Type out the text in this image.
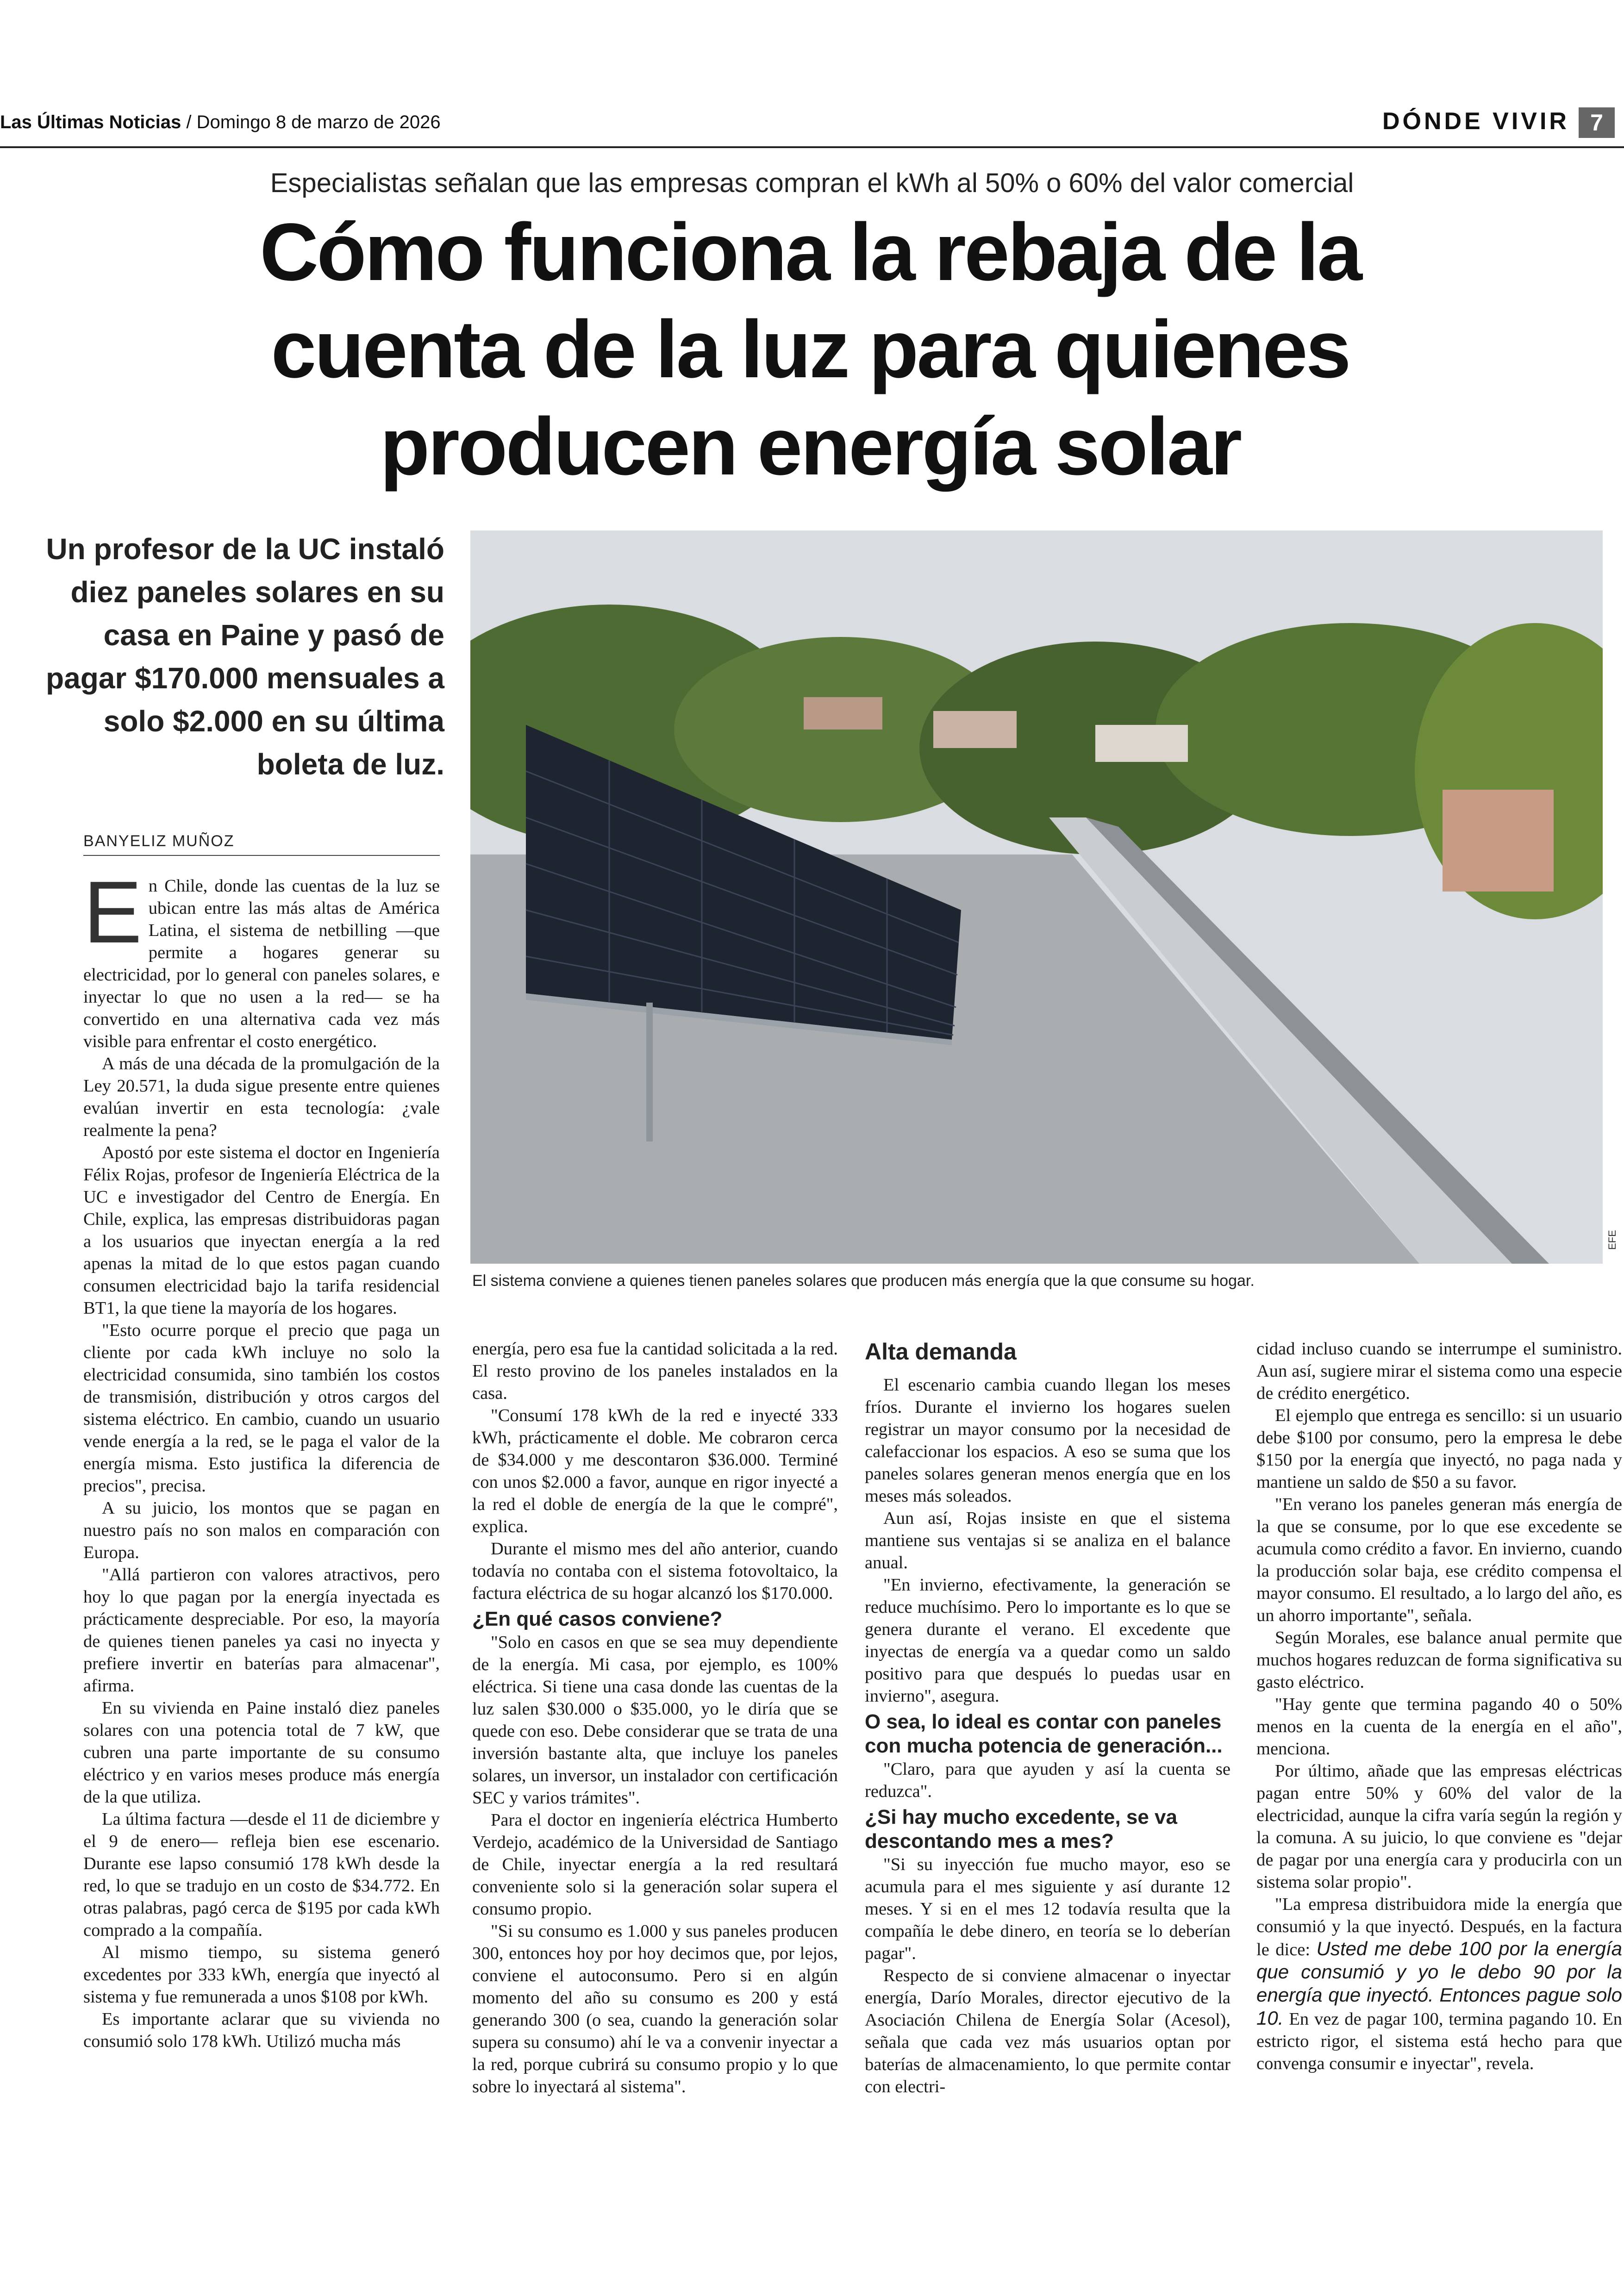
Las Últimas Noticias / Domingo 8 de marzo de 2026	DÓNDE VIVIR 7
Especialistas señalan que las empresas compran el kWh al 50% o 60% del valor comercial
Cómo funciona la rebaja de la cuenta de la luz para quienes producen energía solar
Un profesor de la UC instaló diez paneles solares en su casa en Paine y pasó de pagar $170.000 mensuales a solo $2.000 en su última boleta de luz.
BANYELIZ MUÑOZ
El sistema conviene a quienes tienen paneles solares que producen más energía que la que consume su hogar.
EFE

En Chile, donde las cuentas de la luz se ubican entre las más altas de América Latina, el sistema de netbilling —que permite a hogares generar su electricidad, por lo general con paneles solares, e inyectar lo que no usen a la red— se ha convertido en una alternativa cada vez más visible para enfrentar el costo energético.

A más de una década de la promulgación de la Ley 20.571, la duda sigue presente entre quienes evalúan invertir en esta tecnología: ¿vale realmente la pena?

Apostó por este sistema el doctor en Ingeniería Félix Rojas, profesor de Ingeniería Eléctrica de la UC e investigador del Centro de Energía. En Chile, explica, las empresas distribuidoras pagan a los usuarios que inyectan energía a la red apenas la mitad de lo que estos pagan cuando consumen electricidad bajo la tarifa residencial BT1, la que tiene la mayoría de los hogares.

"Esto ocurre porque el precio que paga un cliente por cada kWh incluye no solo la electricidad consumida, sino también los costos de transmisión, distribución y otros cargos del sistema eléctrico. En cambio, cuando un usuario vende energía a la red, se le paga el valor de la energía misma. Esto justifica la diferencia de precios", precisa.

A su juicio, los montos que se pagan en nuestro país no son malos en comparación con Europa.

"Allá partieron con valores atractivos, pero hoy lo que pagan por la energía inyectada es prácticamente despreciable. Por eso, la mayoría de quienes tienen paneles ya casi no inyecta y prefiere invertir en baterías para almacenar", afirma.

En su vivienda en Paine instaló diez paneles solares con una potencia total de 7 kW, que cubren una parte importante de su consumo eléctrico y en varios meses produce más energía de la que utiliza.

La última factura —desde el 11 de diciembre y el 9 de enero— refleja bien ese escenario. Durante ese lapso consumió 178 kWh desde la red, lo que se tradujo en un costo de $34.772. En otras palabras, pagó cerca de $195 por cada kWh comprado a la compañía.

Al mismo tiempo, su sistema generó excedentes por 333 kWh, energía que inyectó al sistema y fue remunerada a unos $108 por kWh.

Es importante aclarar que su vivienda no consumió solo 178 kWh. Utilizó mucha más

energía, pero esa fue la cantidad solicitada a la red. El resto provino de los paneles instalados en la casa.

"Consumí 178 kWh de la red e inyecté 333 kWh, prácticamente el doble. Me cobraron cerca de $34.000 y me descontaron $36.000. Terminé con unos $2.000 a favor, aunque en rigor inyecté a la red el doble de energía de la que le compré", explica.

Durante el mismo mes del año anterior, cuando todavía no contaba con el sistema fotovoltaico, la factura eléctrica de su hogar alcanzó los $170.000.

¿En qué casos conviene?

"Solo en casos en que se sea muy dependiente de la energía. Mi casa, por ejemplo, es 100% eléctrica. Si tiene una casa donde las cuentas de la luz salen $30.000 o $35.000, yo le diría que se quede con eso. Debe considerar que se trata de una inversión bastante alta, que incluye los paneles solares, un inversor, un instalador con certificación SEC y varios trámites".

Para el doctor en ingeniería eléctrica Humberto Verdejo, académico de la Universidad de Santiago de Chile, inyectar energía a la red resultará conveniente solo si la generación solar supera el consumo propio.

"Si su consumo es 1.000 y sus paneles producen 300, entonces hoy por hoy decimos que, por lejos, conviene el autoconsumo. Pero si en algún momento del año su consumo es 200 y está generando 300 (o sea, cuando la generación solar supera su consumo) ahí le va a convenir inyectar a la red, porque cubrirá su consumo propio y lo que sobre lo inyectará al sistema".

Alta demanda

El escenario cambia cuando llegan los meses fríos. Durante el invierno los hogares suelen registrar un mayor consumo por la necesidad de calefaccionar los espacios. A eso se suma que los paneles solares generan menos energía que en los meses más soleados.

Aun así, Rojas insiste en que el sistema mantiene sus ventajas si se analiza en el balance anual.

"En invierno, efectivamente, la generación se reduce muchísimo. Pero lo importante es lo que se genera durante el verano. El excedente que inyectas de energía va a quedar como un saldo positivo para que después lo puedas usar en invierno", asegura.

O sea, lo ideal es contar con paneles con mucha potencia de generación...

"Claro, para que ayuden y así la cuenta se reduzca".

¿Si hay mucho excedente, se va descontando mes a mes?

"Si su inyección fue mucho mayor, eso se acumula para el mes siguiente y así durante 12 meses. Y si en el mes 12 todavía resulta que la compañía le debe dinero, en teoría se lo deberían pagar".

Respecto de si conviene almacenar o inyectar energía, Darío Morales, director ejecutivo de la Asociación Chilena de Energía Solar (Acesol), señala que cada vez más usuarios optan por baterías de almacenamiento, lo que permite contar con electri-

cidad incluso cuando se interrumpe el suministro. Aun así, sugiere mirar el sistema como una especie de crédito energético.

El ejemplo que entrega es sencillo: si un usuario debe $100 por consumo, pero la empresa le debe $150 por la energía que inyectó, no paga nada y mantiene un saldo de $50 a su favor.

"En verano los paneles generan más energía de la que se consume, por lo que ese excedente se acumula como crédito a favor. En invierno, cuando la producción solar baja, ese crédito compensa el mayor consumo. El resultado, a lo largo del año, es un ahorro importante", señala.

Según Morales, ese balance anual permite que muchos hogares reduzcan de forma significativa su gasto eléctrico.

"Hay gente que termina pagando 40 o 50% menos en la cuenta de la energía en el año", menciona.

Por último, añade que las empresas eléctricas pagan entre 50% y 60% del valor de la electricidad, aunque la cifra varía según la región y la comuna. A su juicio, lo que conviene es "dejar de pagar por una energía cara y producirla con un sistema solar propio".

"La empresa distribuidora mide la energía que consumió y la que inyectó. Después, en la factura le dice: Usted me debe 100 por la energía que consumió y yo le debo 90 por la energía que inyectó. Entonces pague solo 10. En vez de pagar 100, termina pagando 10. En estricto rigor, el sistema está hecho para que convenga consumir e inyectar", revela.
